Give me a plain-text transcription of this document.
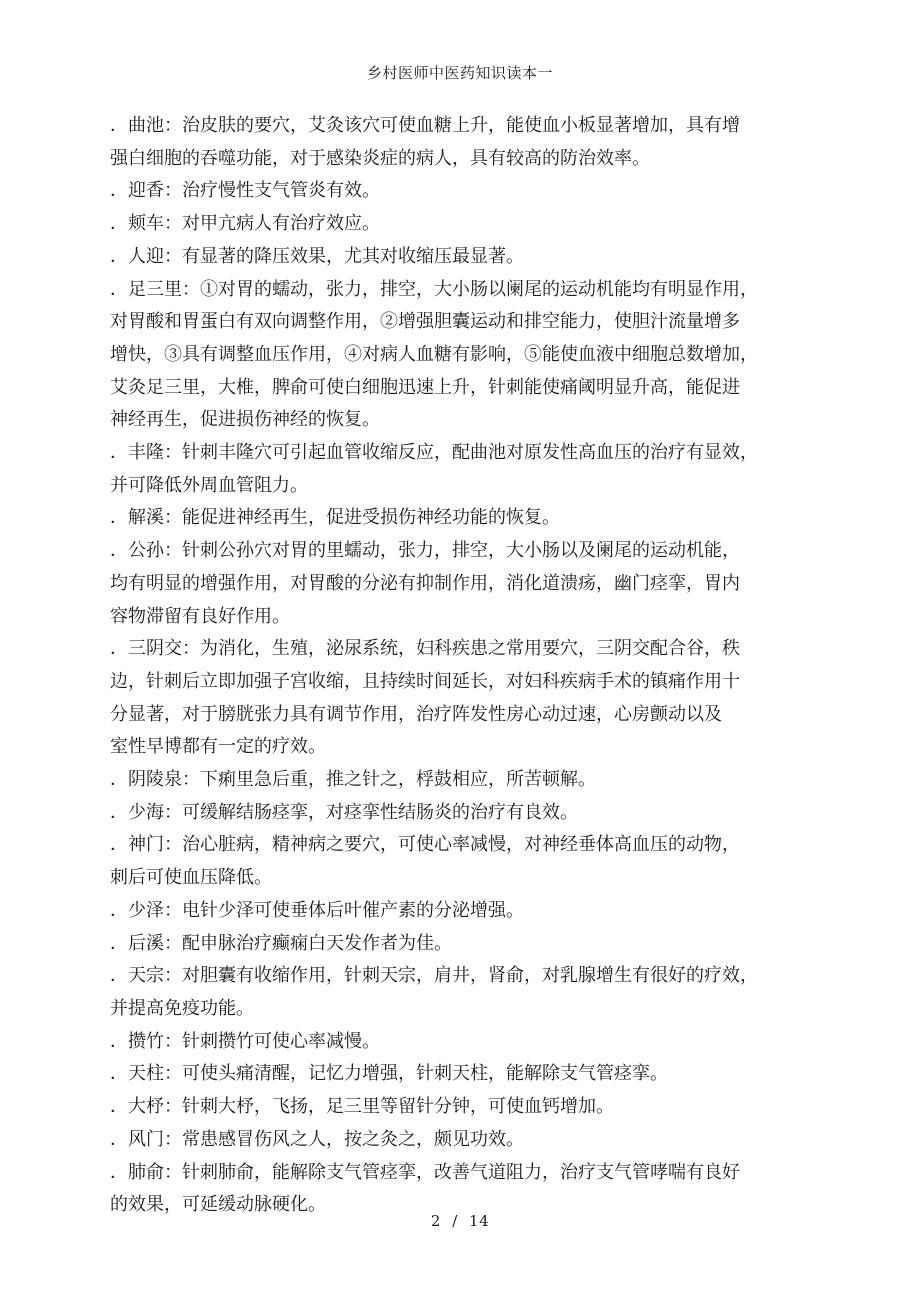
乡村医师中医药知识读本一
．曲池：治皮肤的要穴，艾灸该穴可使血糖上升，能使血小板显著增加，具有增
强白细胞的吞噬功能，对于感染炎症的病人，具有较高的防治效率。
．迎香：治疗慢性支气管炎有效。
．颊车：对甲亢病人有治疗效应。
．人迎：有显著的降压效果，尤其对收缩压最显著。
．足三里：①对胃的蠕动，张力，排空，大小肠以阑尾的运动机能均有明显作用，
对胃酸和胃蛋白有双向调整作用，②增强胆囊运动和排空能力，使胆汁流量增多
增快，③具有调整血压作用，④对病人血糖有影响，⑤能使血液中细胞总数增加，
艾灸足三里，大椎，脾俞可使白细胞迅速上升，针刺能使痛阈明显升高，能促进
神经再生，促进损伤神经的恢复。
．丰隆：针刺丰隆穴可引起血管收缩反应，配曲池对原发性高血压的治疗有显效，
并可降低外周血管阻力。
．解溪：能促进神经再生，促进受损伤神经功能的恢复。
．公孙：针刺公孙穴对胃的里蠕动，张力，排空，大小肠以及阑尾的运动机能，
均有明显的增强作用，对胃酸的分泌有抑制作用，消化道溃疡，幽门痉挛，胃内
容物滞留有良好作用。
．三阴交：为消化，生殖，泌尿系统，妇科疾患之常用要穴，三阴交配合谷，秩
边，针刺后立即加强子宫收缩，且持续时间延长，对妇科疾病手术的镇痛作用十
分显著，对于膀胱张力具有调节作用，治疗阵发性房心动过速，心房颤动以及
室性早博都有一定的疗效。
．阴陵泉：下痢里急后重，推之针之，桴鼓相应，所苦顿解。
．少海：可缓解结肠痉挛，对痉挛性结肠炎的治疗有良效。
．神门：治心脏病，精神病之要穴，可使心率减慢，对神经垂体高血压的动物，
刺后可使血压降低。
．少泽：电针少泽可使垂体后叶催产素的分泌增强。
．后溪：配申脉治疗癫痫白天发作者为佳。
．天宗：对胆囊有收缩作用，针刺天宗，肩井，肾俞，对乳腺增生有很好的疗效，
并提高免疫功能。
．攒竹：针刺攒竹可使心率减慢。
．天柱：可使头痛清醒，记忆力增强，针刺天柱，能解除支气管痉挛。
．大杼：针刺大杼，飞扬，足三里等留针分钟，可使血钙增加。
．风门：常患感冒伤风之人，按之灸之，颇见功效。
．肺俞：针刺肺俞，能解除支气管痉挛，改善气道阻力，治疗支气管哮喘有良好
的效果，可延缓动脉硬化。
2 / 14
